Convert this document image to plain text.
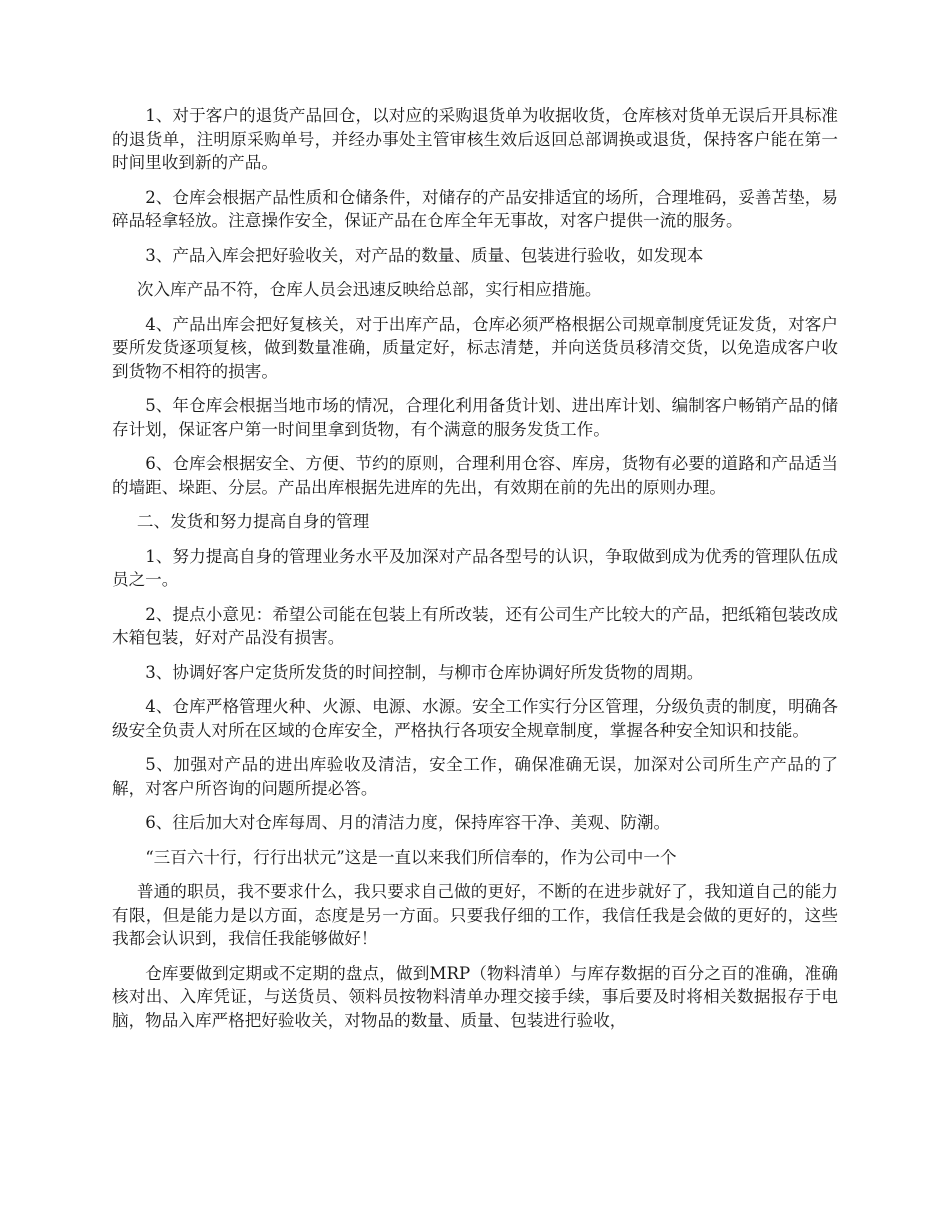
1、对于客户的退货产品回仓，以对应的采购退货单为收据收货，仓库核对货单无误后开具标准的退货单，注明原采购单号，并经办事处主管审核生效后返回总部调换或退货，保持客户能在第一时间里收到新的产品。

2、仓库会根据产品性质和仓储条件，对储存的产品安排适宜的场所，合理堆码，妥善苫垫，易碎品轻拿轻放。注意操作安全，保证产品在仓库全年无事故，对客户提供一流的服务。

3、产品入库会把好验收关，对产品的数量、质量、包装进行验收，如发现本

次入库产品不符，仓库人员会迅速反映给总部，实行相应措施。

4、产品出库会把好复核关，对于出库产品，仓库必须严格根据公司规章制度凭证发货，对客户要所发货逐项复核，做到数量准确，质量定好，标志清楚，并向送货员移清交货，以免造成客户收到货物不相符的损害。

5、年仓库会根据当地市场的情况，合理化利用备货计划、进出库计划、编制客户畅销产品的储存计划，保证客户第一时间里拿到货物，有个满意的服务发货工作。

6、仓库会根据安全、方便、节约的原则，合理利用仓容、库房，货物有必要的道路和产品适当的墙距、垛距、分层。产品出库根据先进库的先出，有效期在前的先出的原则办理。

二、发货和努力提高自身的管理

1、努力提高自身的管理业务水平及加深对产品各型号的认识，争取做到成为优秀的管理队伍成员之一。

2、提点小意见：希望公司能在包装上有所改装，还有公司生产比较大的产品，把纸箱包装改成木箱包装，好对产品没有损害。

3、协调好客户定货所发货的时间控制，与柳市仓库协调好所发货物的周期。

4、仓库严格管理火种、火源、电源、水源。安全工作实行分区管理，分级负责的制度，明确各级安全负责人对所在区域的仓库安全，严格执行各项安全规章制度，掌握各种安全知识和技能。

5、加强对产品的进出库验收及清洁，安全工作，确保准确无误，加深对公司所生产产品的了解，对客户所咨询的问题所提必答。

6、往后加大对仓库每周、月的清洁力度，保持库容干净、美观、防潮。

“三百六十行，行行出状元”这是一直以来我们所信奉的，作为公司中一个

普通的职员，我不要求什么，我只要求自己做的更好，不断的在进步就好了，我知道自己的能力有限，但是能力是以方面，态度是另一方面。只要我仔细的工作，我信任我是会做的更好的，这些我都会认识到，我信任我能够做好！

仓库要做到定期或不定期的盘点，做到MRP（物料清单）与库存数据的百分之百的准确，准确核对出、入库凭证，与送货员、领料员按物料清单办理交接手续，事后要及时将相关数据报存于电脑，物品入库严格把好验收关，对物品的数量、质量、包装进行验收，
